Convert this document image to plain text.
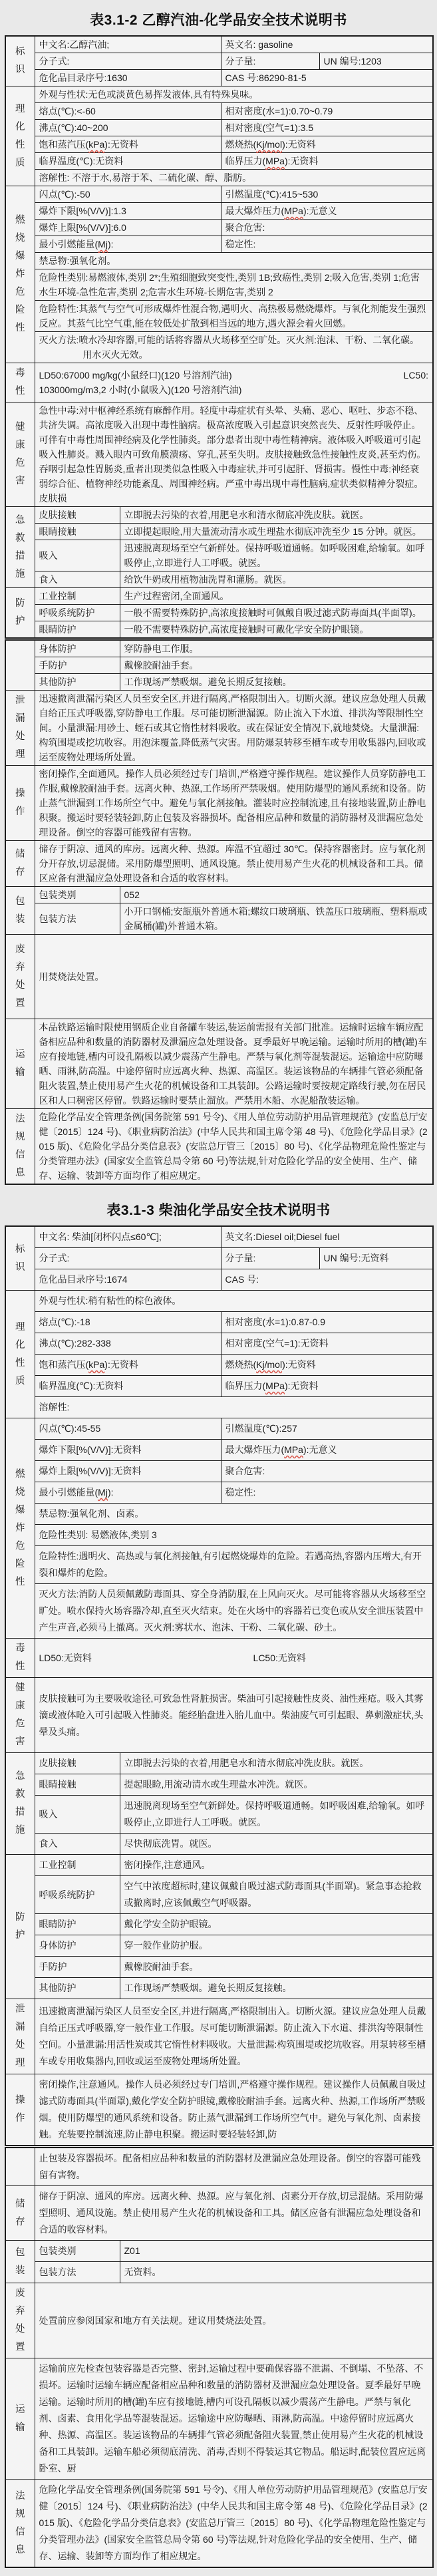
表3.1-2 乙醇汽油-化学品安全技术说明书
标识	中文名:乙醇汽油;		英文名: gasoline	
	分子式:		分子量:	UN 编号:1203
	危化品目录序号:1630		CAS 号:86290-81-5	
理化性质	外观与性状:无色或淡黄色易挥发液体,具有特殊臭味。			
	熔点(℃):<-60		相对密度(水=1):0.70~0.79	
	沸点(℃):40~200		相对密度(空气=1):3.5	
	饱和蒸汽压(kPa):无资料		燃烧热(Kj/mol):无资料	
	临界温度(℃):无资料		临界压力(MPa):无资料	
	溶解性: 不溶于水,易溶于苯、二硫化碳、醇、脂肪。			
燃烧爆炸危险性	闪点(℃):-50		引燃温度(℃):415~530	
	爆炸下限[%(V/V)]:1.3		最大爆炸压力(MPa):无意义	
	爆炸上限[%(V/V)]:6.0		聚合危害:	
	最小引燃能量(Mj):		稳定性:	
	禁忌物:强氧化剂。			
	危险性类别:易燃液体,类别 2*;生殖细胞致突变性,类别 1B;致癌性,类别 2;吸入危害,类别 1;危害水生环境-急性危害,类别 2;危害水生环境-长期危害,类别 2			
	危险特性:其蒸气与空气可形成爆炸性混合物,遇明火、高热极易燃烧爆炸。与氧化剂能发生强烈反应。其蒸气比空气重,能在较低处扩散到相当远的地方,遇火源会着火回燃。			

	灭火方法:喷水冷却容器,可能的话将容器从火场移至空旷处。灭火剂:泡沫、干粉、二氧化碳。用水灭火无效。			

毒性	LD50:67000 mg/kg(小鼠经口)(120 号溶剂汽油) LC50:
103000mg/m3,2 小时(小鼠吸入)(120 号溶剂汽油)			

健康危害	急性中毒:对中枢神经系统有麻醉作用。轻度中毒症状有头晕、头痛、恶心、呕吐、步态不稳、共济失调。高浓度吸入出现中毒性脑病。极高浓度吸入引起意识突然丧失、反射性呼吸停止。可伴有中毒性周围神经病及化学性肺炎。部分患者出现中毒性精神病。液体吸入呼吸道可引起吸入性肺炎。溅入眼内可致角膜溃疡、穿孔,甚至失明。皮肤接触致急性接触性皮炎,甚至灼伤。吞咽引起急性胃肠炎,重者出现类似急性吸入中毒症状,并可引起肝、肾损害。慢性中毒:神经衰弱综合征、植物神经功能紊乱、周围神经病。严重中毒出现中毒性脑病,症状类似精神分裂症。皮肤损			
急救措施	皮肤接触	立即脱去污染的衣着,用肥皂水和清水彻底冲洗皮肤。就医。		
	眼睛接触	立即提起眼睑,用大量流动清水或生理盐水彻底冲洗至少 15 分钟。就医。		
	吸入	迅速脱离现场至空气新鲜处。保持呼吸道通畅。如呼吸困难,给输氧。如呼吸停止,立即进行人工呼吸。就医。		
	食入	给饮牛奶或用植物油洗胃和灌肠。就医。		
防护	工业控制	生产过程密闭,全面通风。		
	呼吸系统防护	一般不需要特殊防护,高浓度接触时可佩戴自吸过滤式防毒面具(半面罩)。		
	眼睛防护	一般不需要特殊防护,高浓度接触时可戴化学安全防护眼镜。		
	身体防护	穿防静电工作服。		
	手防护	戴橡胶耐油手套。		
	其他防护	工作现场严禁吸烟。避免长期反复接触。		
泄漏处理	迅速撤离泄漏污染区人员至安全区,并进行隔离,严格限制出入。切断火源。建议应急处理人员戴自给正压式呼吸器,穿防静电工作服。尽可能切断泄漏源。防止流入下水道、排洪沟等限制性空间。小量泄漏:用砂土、蛭石或其它惰性材料吸收。或在保证安全情况下,就地焚烧。大量泄漏:构筑围堤或挖坑收容。用泡沫覆盖,降低蒸气灾害。用防爆泵转移至槽车或专用收集器内,回收或运至废物处理场所处置。			
操作	密闭操作,全面通风。操作人员必须经过专门培训,严格遵守操作规程。建议操作人员穿防静电工作服,戴橡胶耐油手套。远离火种、热源,工作场所严禁吸烟。使用防爆型的通风系统和设备。防止蒸气泄漏到工作场所空气中。避免与氧化剂接触。灌装时应控制流速,且有接地装置,防止静电积聚。搬运时要轻装轻卸,防止包装及容器损坏。配备相应品种和数量的消防器材及泄漏应急处理设备。倒空的容器可能残留有害物。			
储存	储存于阴凉、通风的库房。远离火种、热源。库温不宜超过 30℃。保持容器密封。应与氧化剂分开存放,切忌混储。采用防爆型照明、通风设施。禁止使用易产生火花的机械设备和工具。储区应备有泄漏应急处理设备和合适的收容材料。			
包装	包装类别	052		
	包装方法	小开口钢桶;安瓿瓶外普通木箱;螺纹口玻璃瓶、铁盖压口玻璃瓶、塑料瓶或金属桶(罐)外普通木箱。		
废弃处置	用焚烧法处置。			
运输	本品铁路运输时限使用钢质企业自备罐车装运,装运前需报有关部门批准。运输时运输车辆应配备相应品种和数量的消防器材及泄漏应急处理设备。夏季最好早晚运输。运输时所用的槽(罐)车应有接地链,槽内可设孔隔板以减少震荡产生静电。严禁与氧化剂等混装混运。运输途中应防曝晒、雨淋,防高温。中途停留时应远离火种、热源、高温区。装运该物品的车辆排气管必须配备阻火装置,禁止使用易产生火花的机械设备和工具装卸。公路运输时要按规定路线行驶,勿在居民区和人口稠密区停留。铁路运输时要禁止溜放。严禁用木船、水泥船散装运输。			
法规信息	危险化学品安全管理条例(国务院第 591 号令)、《用人单位劳动防护用品管理规范》(安监总厅安健〔2015〕124 号)、《职业病防治法》(中华人民共和国主席令第 48 号)、《危险化学品目录》(2015 版)、《危险化学品分类信息表》(安监总厅管三〔2015〕80 号)、《化学品物理危险性鉴定与分类管理办法》(国家安全监管总局令第 60 号)等法规,针对危险化学品的安全使用、生产、储存、运输、装卸等方面均作了相应规定。			
表3.1-3 柴油化学品安全技术说明书
标识	中文名: 柴油[闭杯闪点≤60℃];		英文名:Diesel oil;Diesel fuel	
	分子式:		分子量:	UN 编号:无资料
	危化品目录序号:1674		CAS 号:	
理化性质	外观与性状:稍有粘性的棕色液体。			
	熔点(℃):-18		相对密度(水=1):0.87-0.9	
	沸点(℃):282-338		相对密度(空气=1):无资料	
	饱和蒸汽压(kPa):无资料		燃烧热(Kj/mol):无资料	
	临界温度(℃):无资料		临界压力(MPa):无资料	
	溶解性:			
燃烧爆炸危险性	闪点(℃):45-55		引燃温度(℃):257	
	爆炸下限[%(V/V)]:无资料		最大爆炸压力(MPa):无意义	
	爆炸上限[%(V/V)]:无资料		聚合危害:	
	最小引燃能量(Mj):		稳定性:	
	禁忌物:强氧化剂、卤素。			
	危险性类别: 易燃液体,类别 3			
	危险特性:遇明火、高热或与氧化剂接触,有引起燃烧爆炸的危险。若遇高热,容器内压增大,有开裂和爆炸的危险。			
	灭火方法:消防人员须佩戴防毒面具、穿全身消防服,在上风向灭火。尽可能将容器从火场移至空旷处。喷水保持火场容器冷却,直至灭火结束。处在火场中的容器若已变色或从安全泄压装置中产生声音,必须马上撤离。灭火剂:雾状水、泡沫、干粉、二氧化碳、砂土。			
毒性	LD50:无资料 LC50:无资料			

健康危害	皮肤接触可为主要吸收途径,可致急性肾脏损害。柴油可引起接触性皮炎、油性痤疮。吸入其雾滴或液体呛入可引起吸入性肺炎。能经胎盘进入胎儿血中。柴油废气可引起眼、鼻刺激症状,头晕及头痛。			
急救措施	皮肤接触	立即脱去污染的衣着,用肥皂水和清水彻底冲洗皮肤。就医。		
	眼睛接触	提起眼睑,用流动清水或生理盐水冲洗。就医。		
	吸入	迅速脱离现场至空气新鲜处。保持呼吸道通畅。如呼吸困难,给输氧。如呼吸停止,立即进行人工呼吸。就医。		
	食入	尽快彻底洗胃。就医。		
防护	工业控制	密闭操作,注意通风。		
	呼吸系统防护	空气中浓度超标时,建议佩戴自吸过滤式防毒面具(半面罩)。紧急事态抢救或撤离时,应该佩戴空气呼吸器。		
	眼睛防护	戴化学安全防护眼镜。		
	身体防护	穿一般作业防护服。		
	手防护	戴橡胶耐油手套。		
	其他防护	工作现场严禁吸烟。避免长期反复接触。		
泄漏处理	迅速撤离泄漏污染区人员至安全区,并进行隔离,严格限制出入。切断火源。建议应急处理人员戴自给正压式呼吸器,穿一般作业工作服。尽可能切断泄漏源。防止流入下水道、排洪沟等限制性空间。小量泄漏:用活性炭或其它惰性材料吸收。大量泄漏:构筑围堤或挖坑收容。用泵转移至槽车或专用收集器内,回收或运至废物处理场所处置。			
操作	密闭操作,注意通风。操作人员必须经过专门培训,严格遵守操作规程。建议操作人员佩戴自吸过滤式防毒面具(半面罩),戴化学安全防护眼镜,戴橡胶耐油手套。远离火种、热源,工作场所严禁吸烟。使用防爆型的通风系统和设备。防止蒸气泄漏到工作场所空气中。避免与氧化剂、卤素接触。充装要控制流速,防止静电积聚。搬运时要轻装轻卸,防			
	止包装及容器损坏。配备相应品种和数量的消防器材及泄漏应急处理设备。倒空的容器可能残留有害物。			
储存	储存于阴凉、通风的库房。远离火种、热源。应与氧化剂、卤素分开存放,切忌混储。采用防爆型照明、通风设施。禁止使用易产生火花的机械设备和工具。储区应备有泄漏应急处理设备和合适的收容材料。			
包装	包装类别	Z01		
	包装方法	无资料。		
废弃处置	处置前应参阅国家和地方有关法规。建议用焚烧法处置。			
运输	运输前应先检查包装容器是否完整、密封,运输过程中要确保容器不泄漏、不倒塌、不坠落、不损坏。运输时运输车辆应配备相应品种和数量的消防器材及泄漏应急处理设备。夏季最好早晚运输。运输时所用的槽(罐)车应有接地链,槽内可设孔隔板以减少震荡产生静电。严禁与氧化剂、卤素、食用化学品等混装混运。运输途中应防曝晒、雨淋,防高温。中途停留时应远离火种、热源、高温区。装运该物品的车辆排气管必须配备阻火装置,禁止使用易产生火花的机械设备和工具装卸。运输车船必须彻底清洗、消毒,否则不得装运其它物品。船运时,配装位置应远离卧室、厨			
法规信息	危险化学品安全管理条例(国务院第 591 号令)、《用人单位劳动防护用品管理规范》(安监总厅安健〔2015〕124 号)、《职业病防治法》(中华人民共和国主席令第 48 号)、《危险化学品目录》(2015 版)、《危险化学品分类信息表》(安监总厅管三〔2015〕80 号)、《化学品物理危险性鉴定与分类管理办法》(国家安全监管总局令第 60 号)等法规,针对危险化学品的安全使用、生产、储存、运输、装卸等方面均作了相应规定。			
